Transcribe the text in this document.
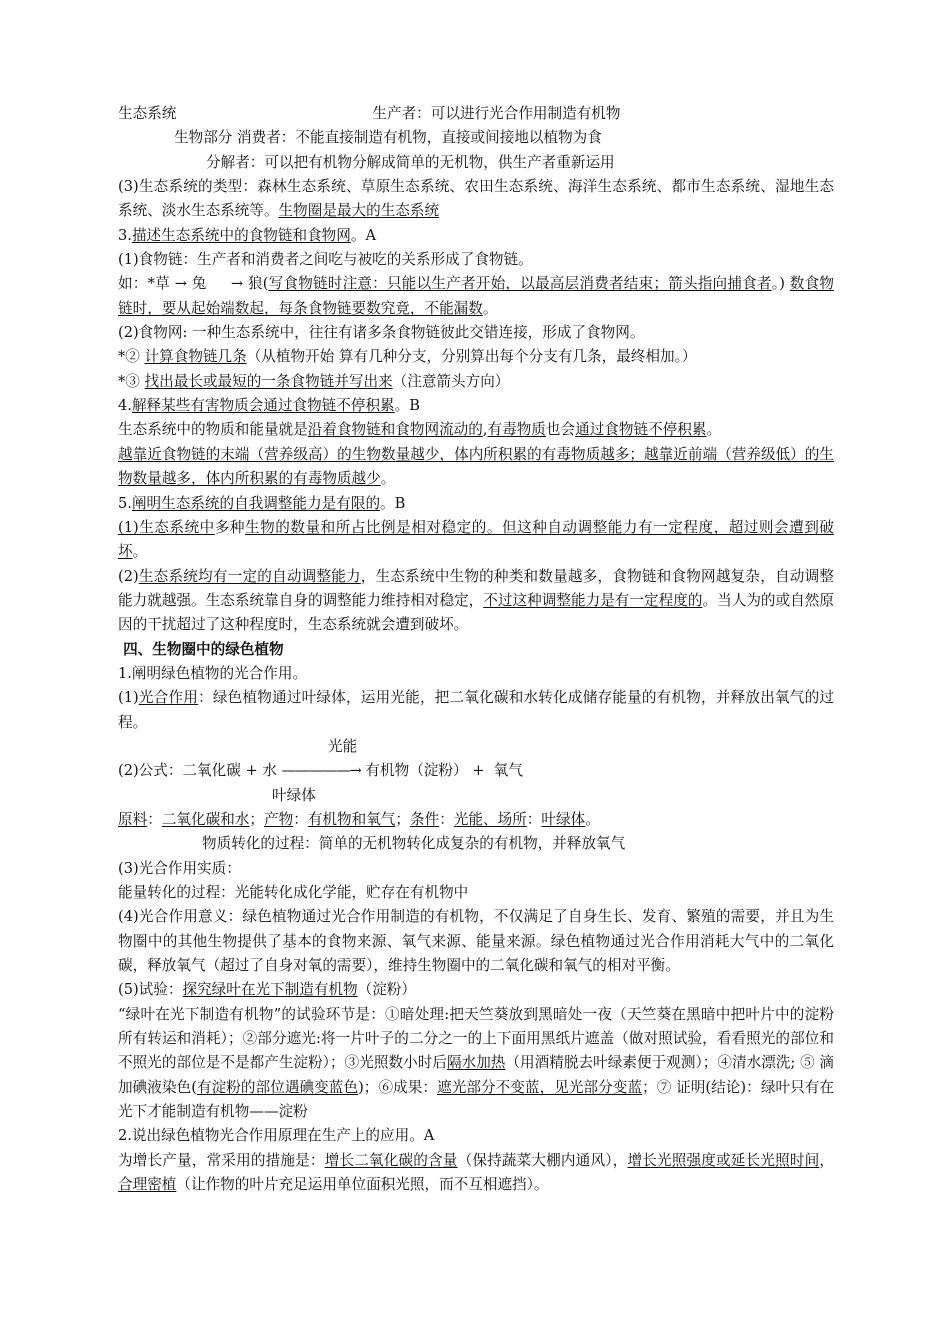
生态系统	生产者：可以进行光合作用制造有机物
生物部分 消费者：不能直接制造有机物，直接或间接地以植物为食
分解者：可以把有机物分解成简单的无机物，供生产者重新运用
(3)生态系统的类型：森林生态系统、草原生态系统、农田生态系统、海洋生态系统、都市生态系统、湿地生态系统、淡水生态系统等。生物圈是最大的生态系统
3.描述生态系统中的食物链和食物网。A
(1)食物链：生产者和消费者之间吃与被吃的关系形成了食物链。
如：*草 → 兔     → 狼(写食物链时注意：只能以生产者开始，以最高层消费者结束；箭头指向捕食者。) 数食物链时，要从起始端数起，每条食物链要数究竟，不能漏数。
(2)食物网: 一种生态系统中，往往有诸多条食物链彼此交错连接，形成了食物网。
*② 计算食物链几条（从植物开始 算有几种分支，分别算出每个分支有几条，最终相加。）
*③ 找出最长或最短的一条食物链并写出来（注意箭头方向）
4.解释某些有害物质会通过食物链不停积累。B
生态系统中的物质和能量就是沿着食物链和食物网流动的,有毒物质也会通过食物链不停积累。
越靠近食物链的末端（营养级高）的生物数量越少，体内所积累的有毒物质越多；越靠近前端（营养级低）的生物数量越多，体内所积累的有毒物质越少。
5.阐明生态系统的自我调整能力是有限的。B
(1)生态系统中多种生物的数量和所占比例是相对稳定的。但这种自动调整能力有一定程度，超过则会遭到破坏。
(2)生态系统均有一定的自动调整能力，生态系统中生物的种类和数量越多，食物链和食物网越复杂，自动调整能力就越强。生态系统靠自身的调整能力维持相对稳定，不过这种调整能力是有一定程度的。当人为的或自然原因的干扰超过了这种程度时，生态系统就会遭到破坏。
四、生物圈中的绿色植物
1.阐明绿色植物的光合作用。
(1)光合作用：绿色植物通过叶绿体，运用光能，把二氧化碳和水转化成储存能量的有机物，并释放出氧气的过程。
光能
(2)公式：二氧化碳 + 水 —————→ 有机物（淀粉） +  氧气
叶绿体
原料：二氧化碳和水；产物：有机物和氧气；条件：光能、场所：叶绿体。
物质转化的过程：简单的无机物转化成复杂的有机物，并释放氧气
(3)光合作用实质：
能量转化的过程：光能转化成化学能，贮存在有机物中
(4)光合作用意义：绿色植物通过光合作用制造的有机物，不仅满足了自身生长、发育、繁殖的需要，并且为生物圈中的其他生物提供了基本的食物来源、氧气来源、能量来源。绿色植物通过光合作用消耗大气中的二氧化碳，释放氧气（超过了自身对氧的需要），维持生物圈中的二氧化碳和氧气的相对平衡。
(5)试验：探究绿叶在光下制造有机物（淀粉）
“绿叶在光下制造有机物”的试验环节是：①暗处理:把天竺葵放到黑暗处一夜（天竺葵在黑暗中把叶片中的淀粉所有转运和消耗）；②部分遮光:将一片叶子的二分之一的上下面用黑纸片遮盖（做对照试验，看看照光的部位和不照光的部位是不是都产生淀粉）；③光照数小时后隔水加热（用酒精脱去叶绿素便于观测）；④清水漂洗; ⑤ 滴加碘液染色(有淀粉的部位遇碘变蓝色)；⑥成果：遮光部分不变蓝，见光部分变蓝；⑦ 证明(结论)：绿叶只有在光下才能制造有机物——淀粉
2.说出绿色植物光合作用原理在生产上的应用。A
为增长产量，常采用的措施是：增长二氧化碳的含量（保持蔬菜大棚内通风），增长光照强度或延长光照时间，合理密植（让作物的叶片充足运用单位面积光照，而不互相遮挡）。
